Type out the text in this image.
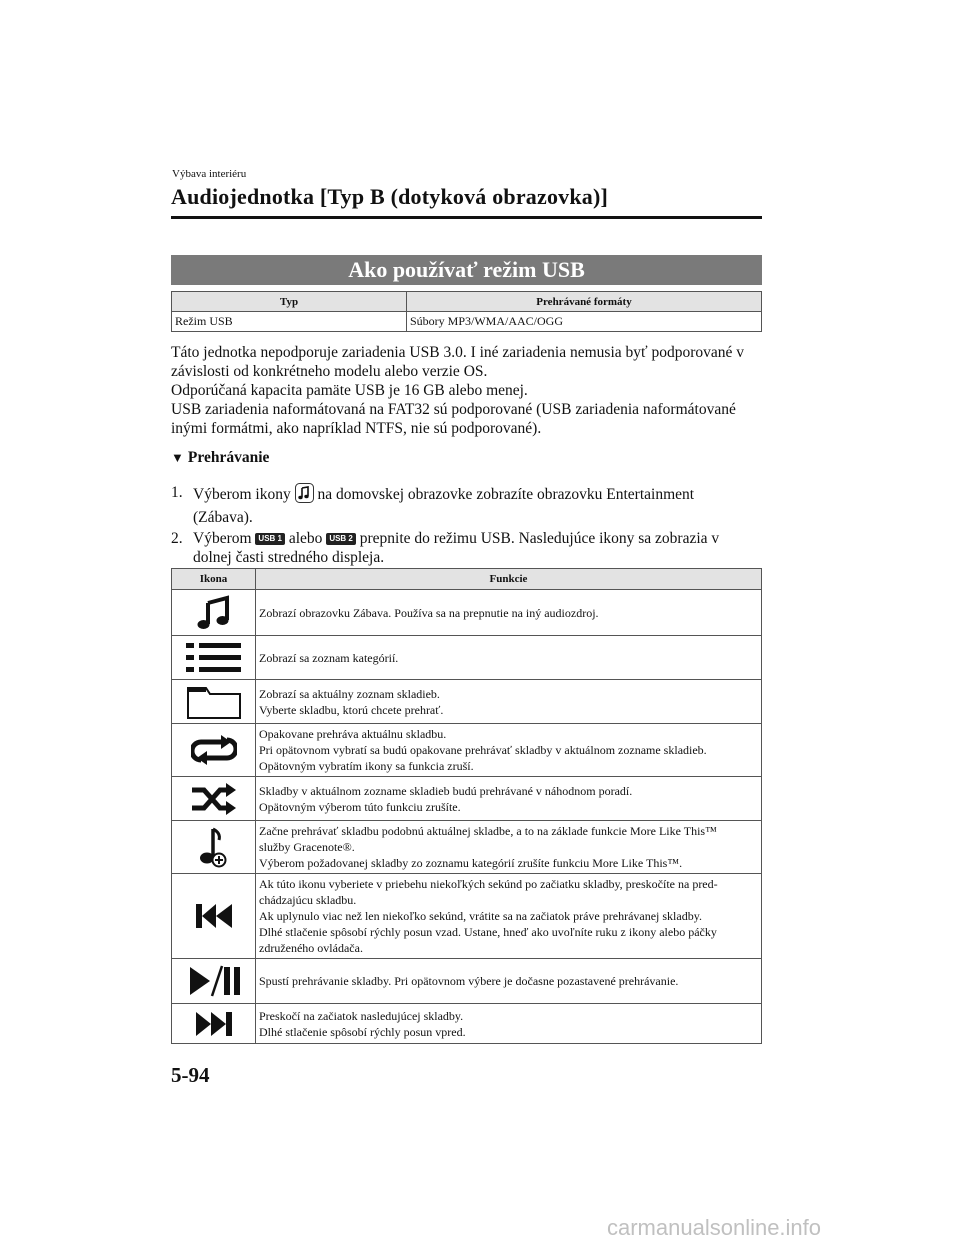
Výbava interiéru
Audiojednotka [Typ B (dotyková obrazovka)]
Ako používať režim USB
Typ	Prehrávané formáty
Režim USB	Súbory MP3/WMA/AAC/OGG
Táto jednotka nepodporuje zariadenia USB 3.0. I iné zariadenia nemusia byť podporované v
závislosti od konkrétneho modelu alebo verzie OS.
Odporúčaná kapacita pamäte USB je 16 GB alebo menej.
USB zariadenia naformátovaná na FAT32 sú podporované (USB zariadenia naformátované
inými formátmi, ako napríklad NTFS, nie sú podporované).
▼ Prehrávanie
1. Výberom ikony na domovskej obrazovke zobrazíte obrazovku Entertainment
(Zábava).
2. Výberom USB 1 alebo USB 2 prepnite do režimu USB. Nasledujúce ikony sa zobrazia v
dolnej časti stredného displeja.
Ikona	Funkcie

Zobrazí obrazovku Zábava. Používa sa na prepnutie na iný audiozdroj.

Zobrazí sa zoznam kategórií.

Zobrazí sa aktuálny zoznam skladieb.
Vyberte skladbu, ktorú chcete prehrať.

Opakovane prehráva aktuálnu skladbu.
Pri opätovnom vybratí sa budú opakovane prehrávať skladby v aktuálnom zozname skladieb.
Opätovným vybratím ikony sa funkcia zruší.

Skladby v aktuálnom zozname skladieb budú prehrávané v náhodnom poradí.
Opätovným výberom túto funkciu zrušíte.

Začne prehrávať skladbu podobnú aktuálnej skladbe, a to na základe funkcie More Like This™
služby Gracenote®.
Výberom požadovanej skladby zo zoznamu kategórií zrušíte funkciu More Like This™.

Ak túto ikonu vyberiete v priebehu niekoľkých sekúnd po začiatku skladby, preskočíte na pred-
chádzajúcu skladbu.
Ak uplynulo viac než len niekoľko sekúnd, vrátite sa na začiatok práve prehrávanej skladby.
Dlhé stlačenie spôsobí rýchly posun vzad. Ustane, hneď ako uvoľníte ruku z ikony alebo páčky
združeného ovládača.

Spustí prehrávanie skladby. Pri opätovnom výbere je dočasne pozastavené prehrávanie.

Preskočí na začiatok nasledujúcej skladby.
Dlhé stlačenie spôsobí rýchly posun vpred.
5-94
carmanualsonline.info
